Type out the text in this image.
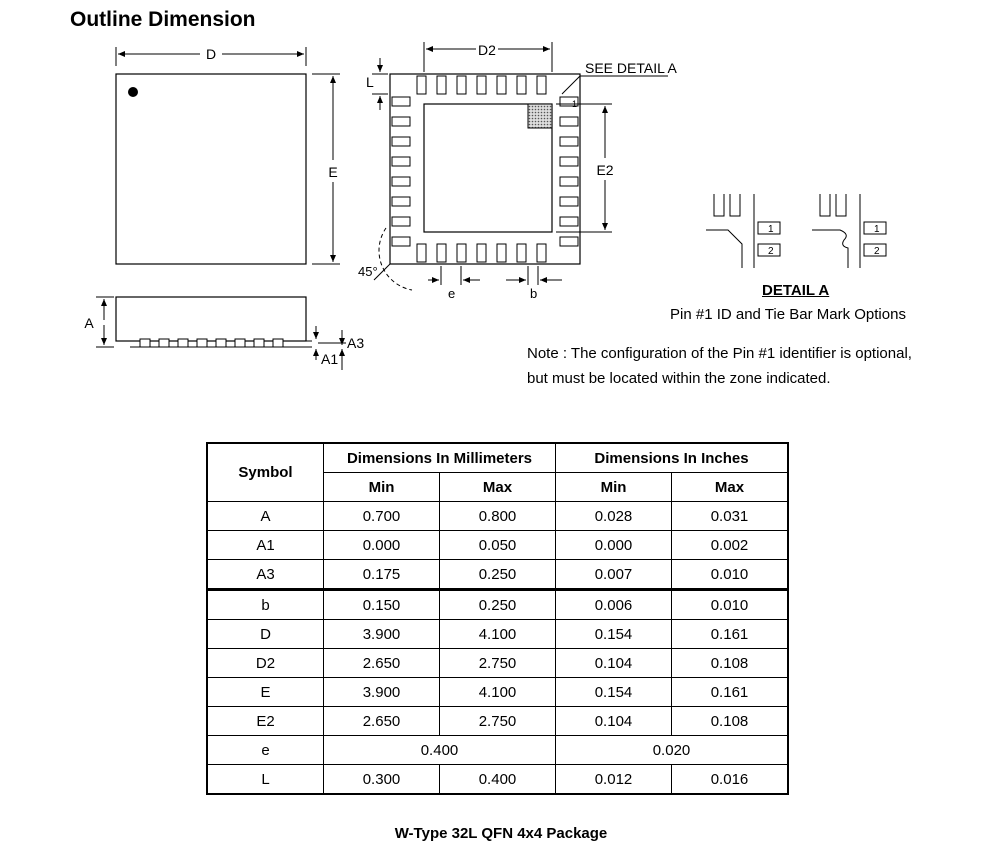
Outline Dimension
D
E
A
A3
A1
1
D2
SEE DETAIL A
E2
L
45°
e	b
1
2
1
2
DETAIL A
Pin #1 ID and Tie Bar Mark Options
Note : The configuration of the Pin #1 identifier is optional,
but must be located within the zone indicated.
Symbol	Dimensions In Millimeters		Dimensions In Inches	
	Min	Max	Min	Max
A	0.700	0.800	0.028	0.031
A1	0.000	0.050	0.000	0.002
A3	0.175	0.250	0.007	0.010
b	0.150	0.250	0.006	0.010
D	3.900	4.100	0.154	0.161
D2	2.650	2.750	0.104	0.108
E	3.900	4.100	0.154	0.161
E2	2.650	2.750	0.104	0.108
e	0.400		0.020	
L	0.300	0.400	0.012	0.016
W-Type 32L QFN 4x4 Package
